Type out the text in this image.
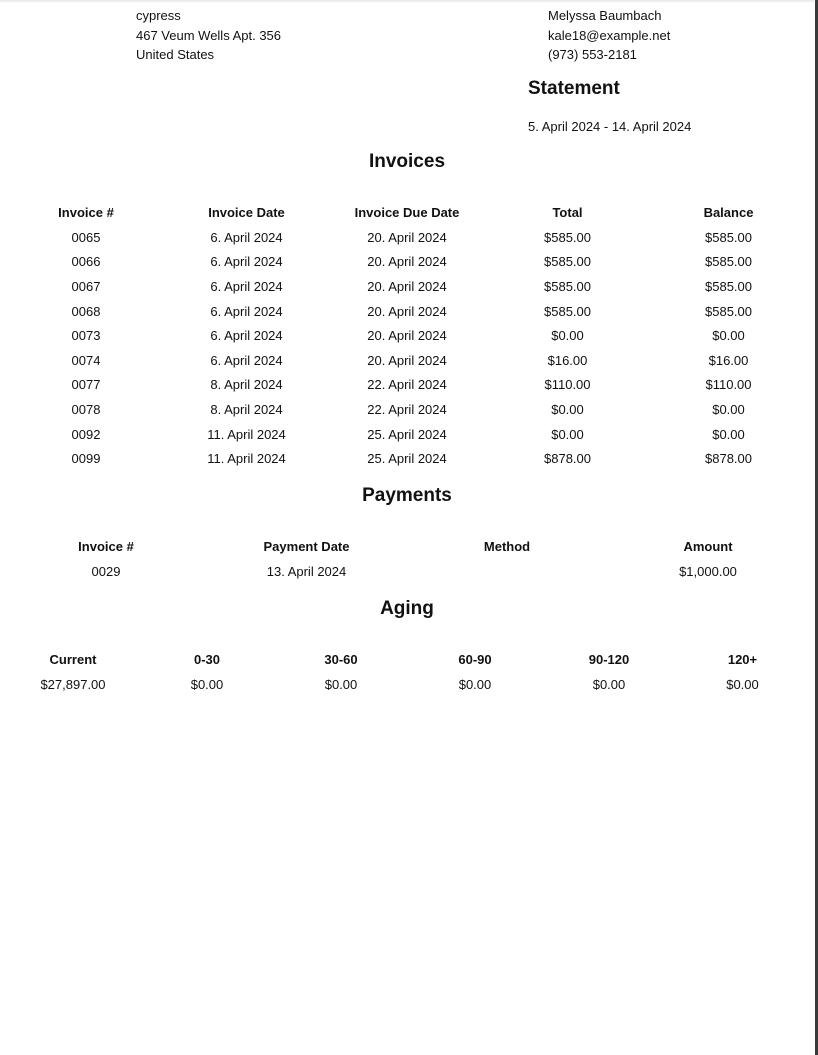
cypress
467 Veum Wells Apt. 356
United States
Melyssa Baumbach
kale18@example.net
(973) 553-2181
Statement
5. April 2024 - 14. April 2024
Invoices
Invoice #	Invoice Date	Invoice Due Date	Total	Balance
0065	6. April 2024	20. April 2024	$585.00	$585.00
0066	6. April 2024	20. April 2024	$585.00	$585.00
0067	6. April 2024	20. April 2024	$585.00	$585.00
0068	6. April 2024	20. April 2024	$585.00	$585.00
0073	6. April 2024	20. April 2024	$0.00	$0.00
0074	6. April 2024	20. April 2024	$16.00	$16.00
0077	8. April 2024	22. April 2024	$110.00	$110.00
0078	8. April 2024	22. April 2024	$0.00	$0.00
0092	11. April 2024	25. April 2024	$0.00	$0.00
0099	11. April 2024	25. April 2024	$878.00	$878.00
Payments
Invoice #	Payment Date	Method	Amount
0029	13. April 2024		$1,000.00
Aging
Current	0-30	30-60	60-90	90-120	120+
$27,897.00	$0.00	$0.00	$0.00	$0.00	$0.00
